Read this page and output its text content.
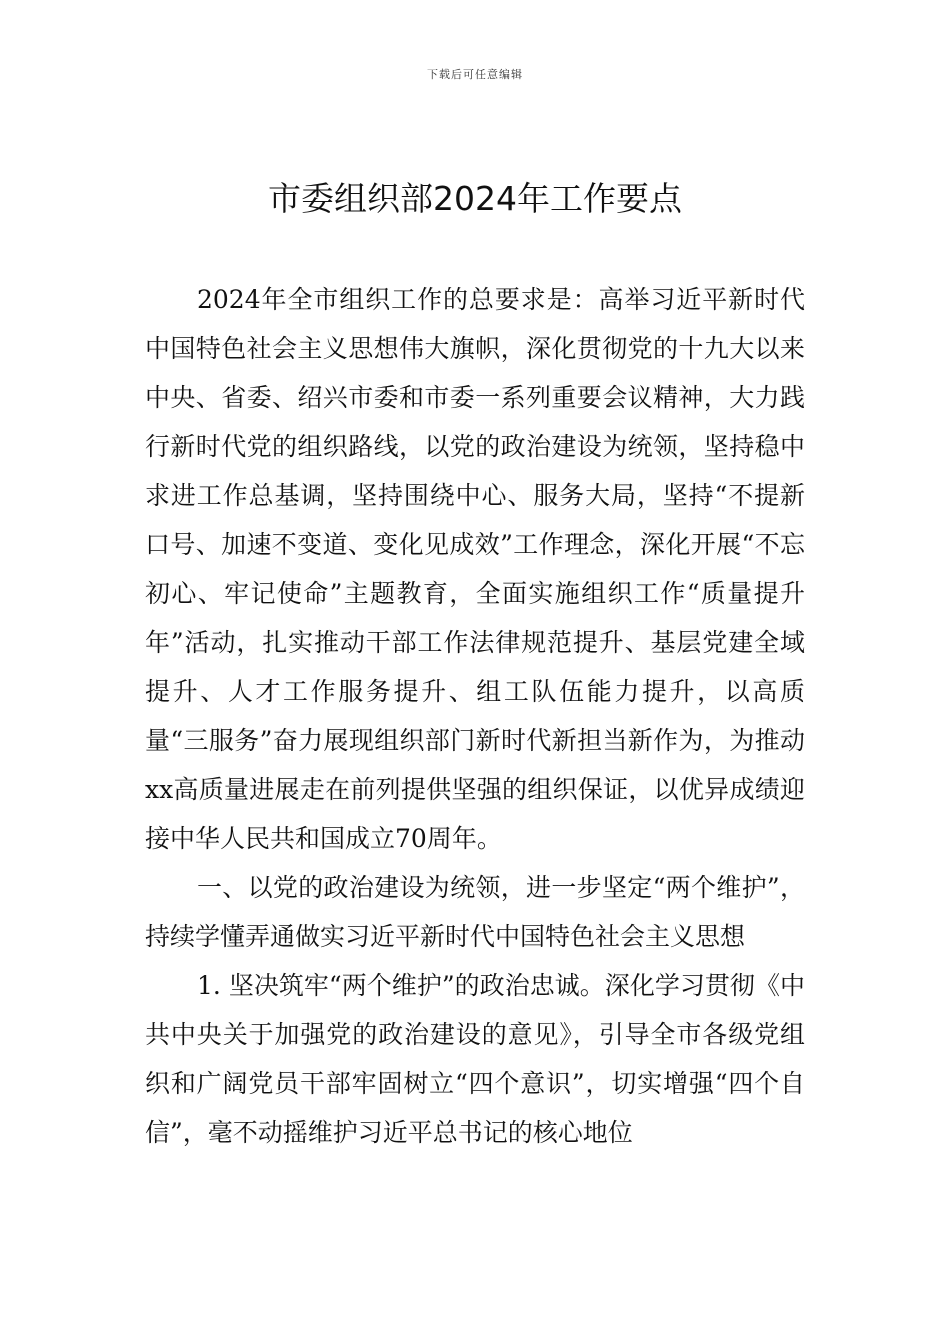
下载后可任意编辑
市委组织部2024年工作要点

2024年全市组织工作的总要求是：高举习近平新时代中国特色社会主义思想伟大旗帜，深化贯彻党的十九大以来中央、省委、绍兴市委和市委一系列重要会议精神，大力践行新时代党的组织路线，以党的政治建设为统领，坚持稳中求进工作总基调，坚持围绕中心、服务大局，坚持“不提新口号、加速不变道、变化见成效”工作理念，深化开展“不忘初心、牢记使命”主题教育，全面实施组织工作“质量提升年”活动，扎实推动干部工作法律规范提升、基层党建全域提升、人才工作服务提升、组工队伍能力提升，以高质量“三服务”奋力展现组织部门新时代新担当新作为，为推动xx高质量进展走在前列提供坚强的组织保证，以优异成绩迎接中华人民共和国成立70周年。

一、以党的政治建设为统领，进一步坚定“两个维护”，持续学懂弄通做实习近平新时代中国特色社会主义思想

1. 坚决筑牢“两个维护”的政治忠诚。深化学习贯彻《中共中央关于加强党的政治建设的意见》，引导全市各级党组织和广阔党员干部牢固树立“四个意识”，切实增强“四个自信”，毫不动摇维护习近平总书记的核心地位
